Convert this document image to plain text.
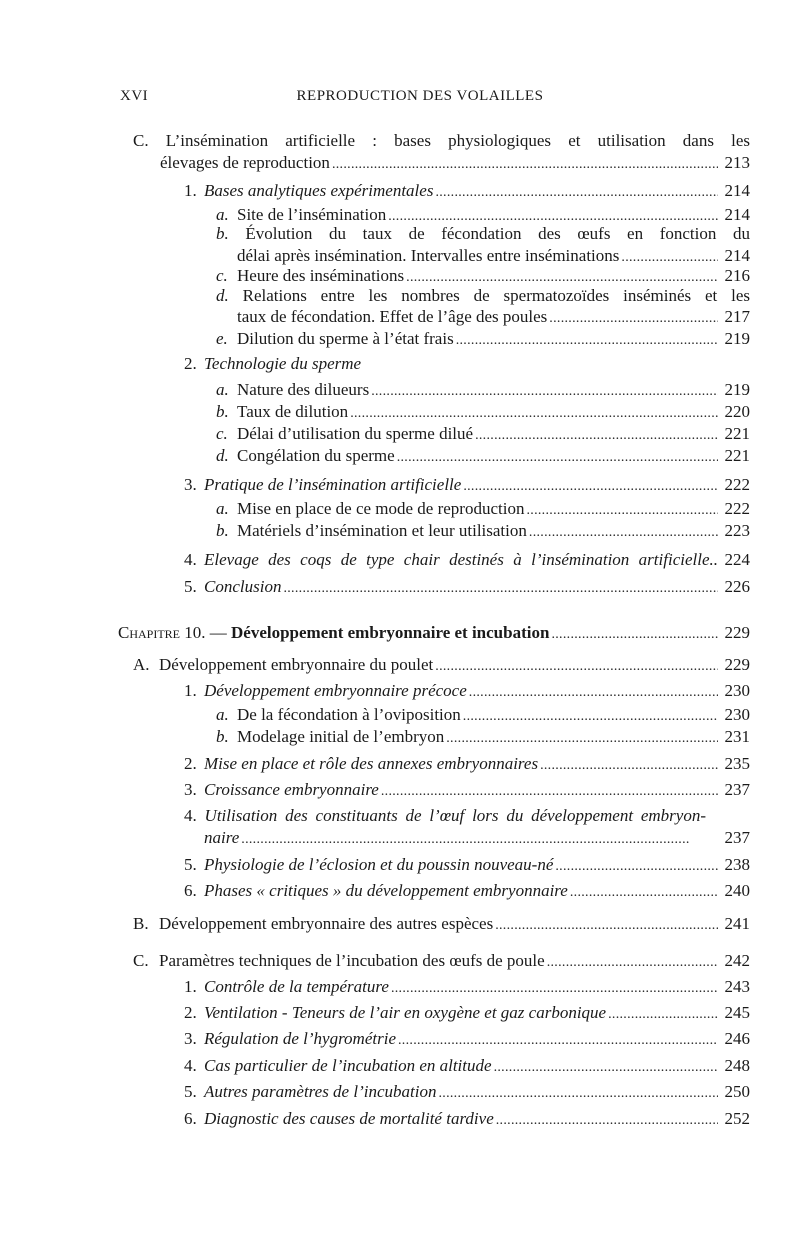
XVI	REPRODUCTION DES VOLAILLES
C. L’insémination artificielle : bases physiologiques et utilisation dans les
élevages de reproduction . . .	213
1. Bases analytiques expérimentales . . .	214
a. Site de l’insémination . . .	214
b. Évolution du taux de fécondation des œufs en fonction du
délai après insémination. Intervalles entre inséminations . . .	214
c. Heure des inséminations . . .	216
d. Relations entre les nombres de spermatozoïdes inséminés et les
taux de fécondation. Effet de l’âge des poules . . .	217
e. Dilution du sperme à l’état frais . . .	219
2. Technologie du sperme
a. Nature des dilueurs . . .	219
b. Taux de dilution . . .	220
c. Délai d’utilisation du sperme dilué . . .	221
d. Congélation du sperme . . .	221
3. Pratique de l’insémination artificielle . . .	222
a. Mise en place de ce mode de reproduction . . .	222
b. Matériels d’insémination et leur utilisation . . .	223
4. Elevage des coqs de type chair destinés à l’insémination artificielle.. 224
5. Conclusion . . .	226
Chapitre 10. — Développement embryonnaire et incubation . . .	229
A. Développement embryonnaire du poulet . . .	229
1. Développement embryonnaire précoce . . .	230
a. De la fécondation à l’oviposition . . .	230
b. Modelage initial de l’embryon . . .	231
2. Mise en place et rôle des annexes embryonnaires . . .	235
3. Croissance embryonnaire . . .	237
4. Utilisation des constituants de l’œuf lors du développement embryon-
naire . . .	237
5. Physiologie de l’éclosion et du poussin nouveau-né . . .	238
6. Phases « critiques » du développement embryonnaire . . .	240
B. Développement embryonnaire des autres espèces . . .	241
C. Paramètres techniques de l’incubation des œufs de poule . . .	242
1. Contrôle de la température . . .	243
2. Ventilation - Teneurs de l’air en oxygène et gaz carbonique . . .	245
3. Régulation de l’hygrométrie . . .	246
4. Cas particulier de l’incubation en altitude . . .	248
5. Autres paramètres de l’incubation . . .	250
6. Diagnostic des causes de mortalité tardive . . .	252
